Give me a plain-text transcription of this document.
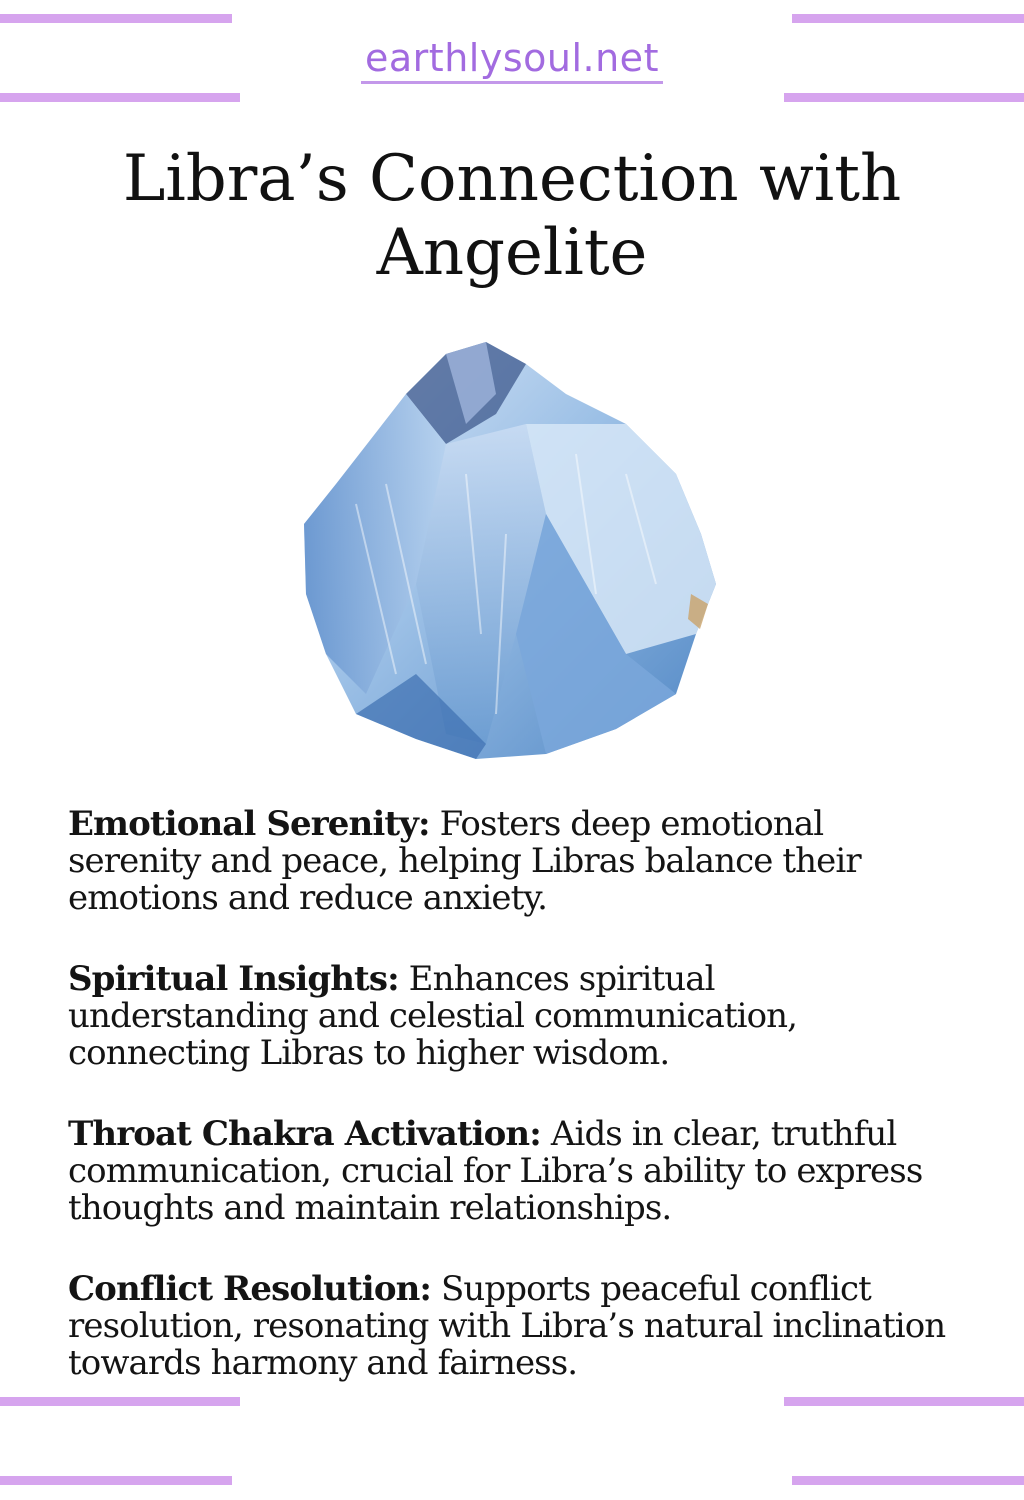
earthlysoul.net
Libra’s Connection with Angelite

Emotional Serenity: Fosters deep emotional serenity and peace, helping Libras balance their emotions and reduce anxiety.

Spiritual Insights: Enhances spiritual understanding and celestial communication, connecting Libras to higher wisdom.

Throat Chakra Activation: Aids in clear, truthful communication, crucial for Libra’s ability to express thoughts and maintain relationships.

Conflict Resolution: Supports peaceful conflict resolution, resonating with Libra’s natural inclination towards harmony and fairness.
